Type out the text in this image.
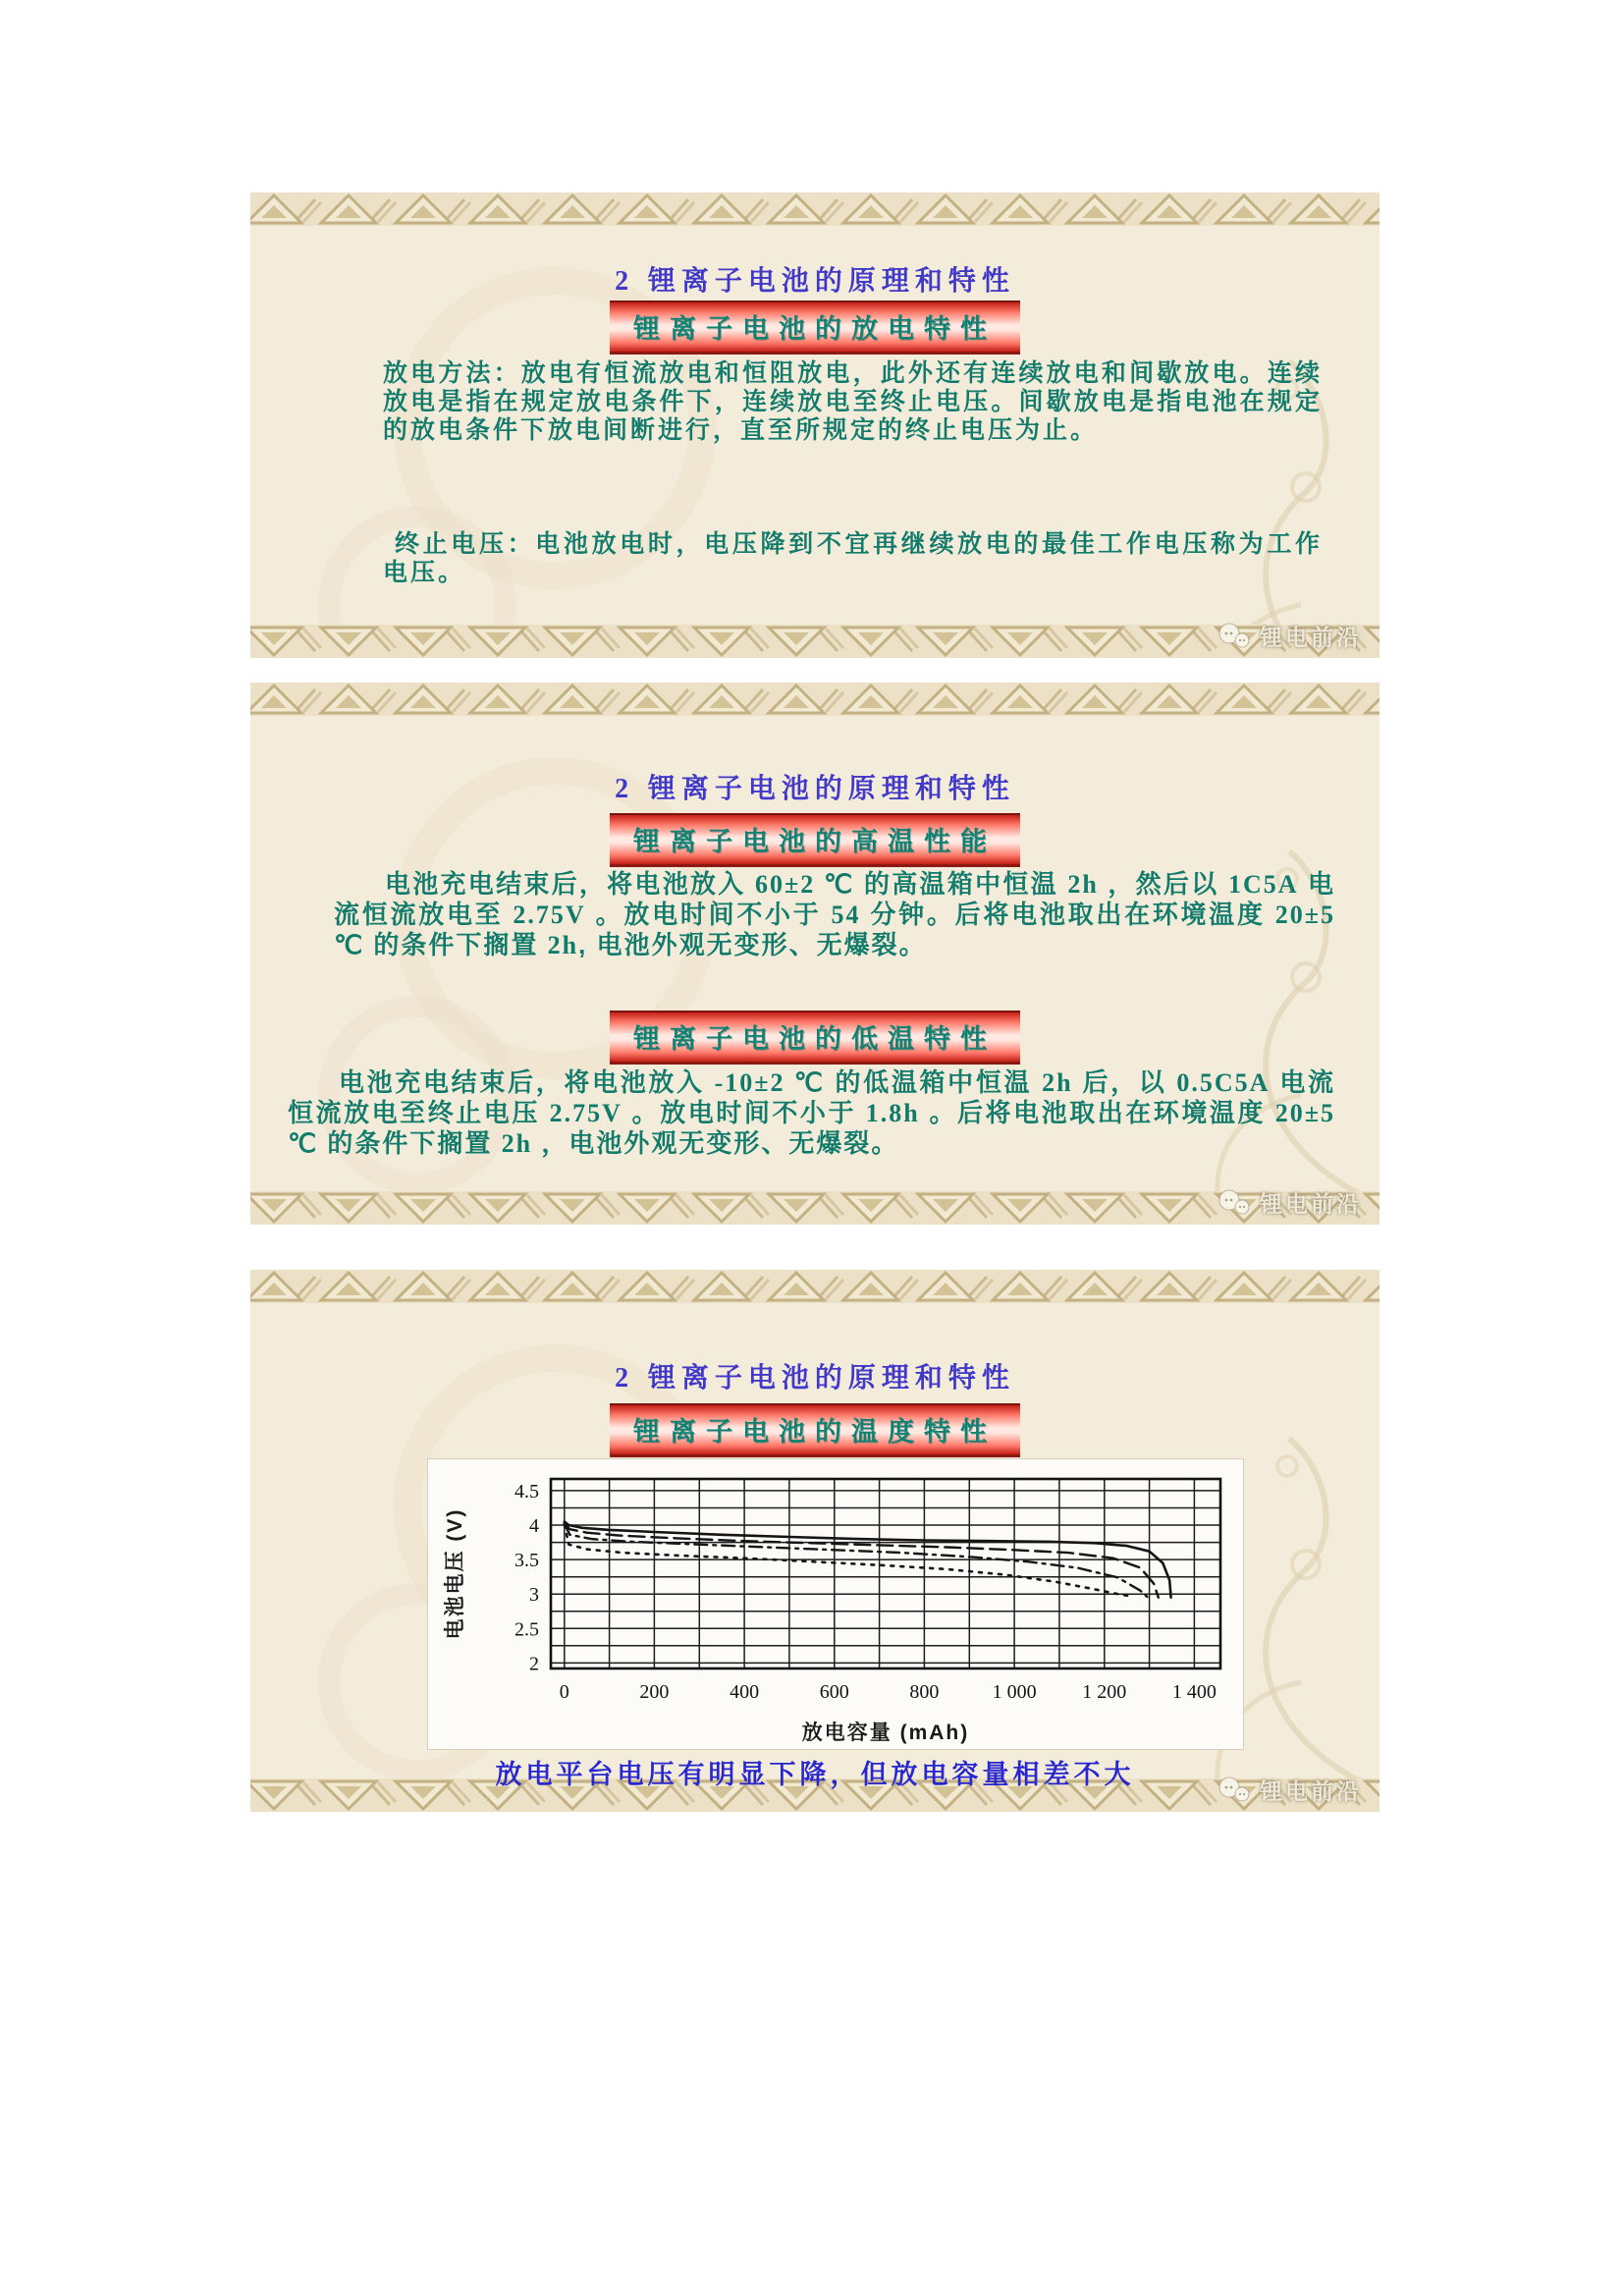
2 锂离子电池的原理和特性
锂离子电池的放电特性

放电方法：放电有恒流放电和恒阻放电，此外还有连续放电和间歇放电。连续放电是指在规定放电条件下，连续放电至终止电压。间歇放电是指电池在规定的放电条件下放电间断进行，直至所规定的终止电压为止。

终止电压：电池放电时，电压降到不宜再继续放电的最佳工作电压称为工作电压。

锂电前沿
2 锂离子电池的原理和特性
锂离子电池的高温性能

电池充电结束后，将电池放入 60±2 ℃ 的高温箱中恒温 2h ，然后以 1C5A 电流恒流放电至 2.75V 。放电时间不小于 54 分钟。后将电池取出在环境温度 20±5 ℃ 的条件下搁置 2h, 电池外观无变形、无爆裂。

锂离子电池的低温特性

电池充电结束后，将电池放入 -10±2 ℃ 的低温箱中恒温 2h 后，以 0.5C5A 电流恒流放电至终止电压 2.75V 。放电时间不小于 1.8h 。后将电池取出在环境温度 20±5 ℃ 的条件下搁置 2h ，电池外观无变形、无爆裂。

锂电前沿
2 锂离子电池的原理和特性
锂离子电池的温度特性
4.5
4
3.5
3
2.5
2
0	200	400	600	800	1 000 1 200 1 400
放电容量 (mAh)
电池电压 (V)

放电平台电压有明显下降，但放电容量相差不大

锂电前沿
